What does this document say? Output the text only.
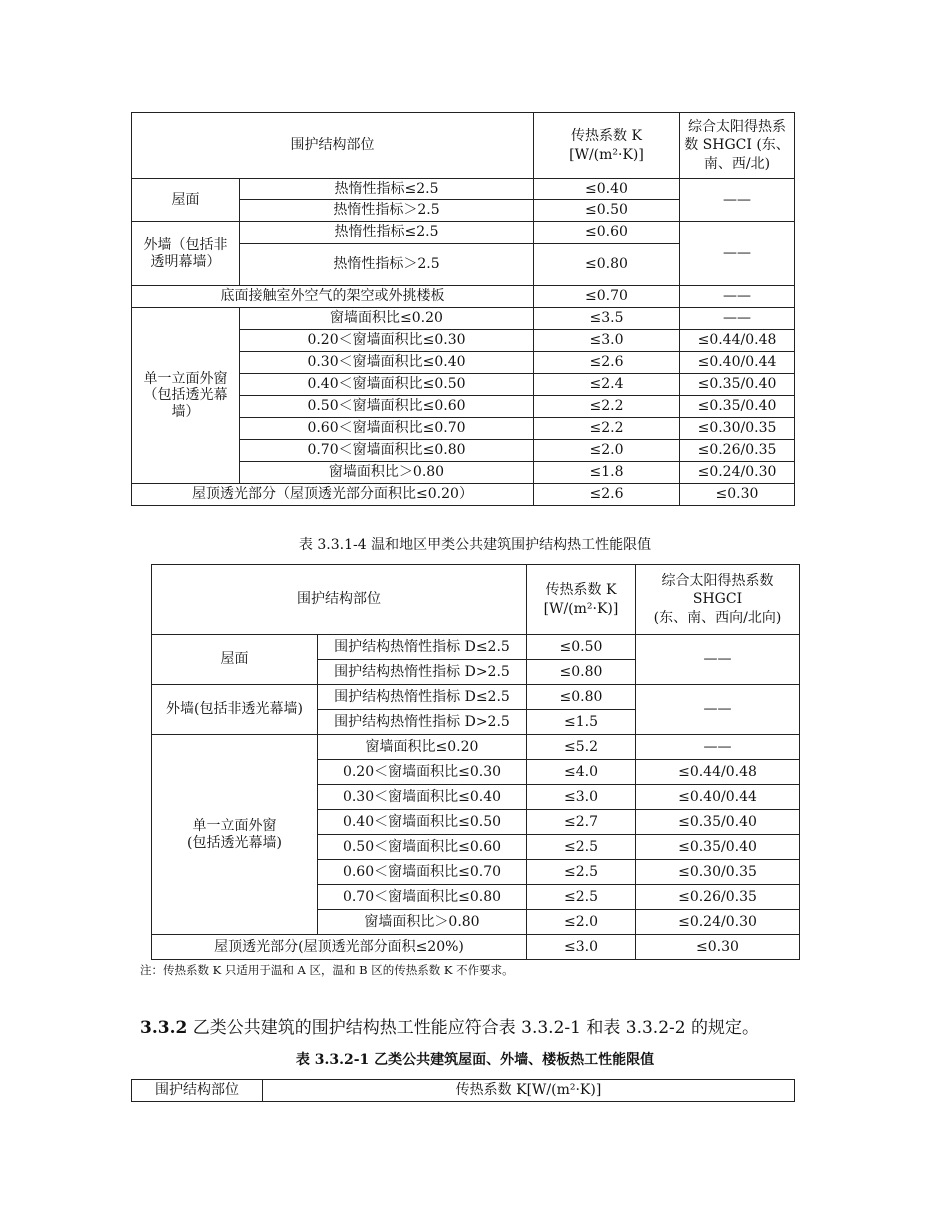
围护结构部位		传热系数 K
[W/(m²·K)]	综合太阳得热系
数 SHGCI (东、
南、西/北)
屋面	热惰性指标≤2.5	≤0.40	——
	热惰性指标＞2.5	≤0.50	
外墙（包括非透明幕墙）	热惰性指标≤2.5	≤0.60	——
	热惰性指标＞2.5	≤0.80	
底面接触室外空气的架空或外挑楼板		≤0.70	——
单一立面外窗（包括透光幕墙）	窗墙面积比≤0.20	≤3.5	——
	0.20＜窗墙面积比≤0.30	≤3.0	≤0.44/0.48
	0.30＜窗墙面积比≤0.40	≤2.6	≤0.40/0.44
	0.40＜窗墙面积比≤0.50	≤2.4	≤0.35/0.40
	0.50＜窗墙面积比≤0.60	≤2.2	≤0.35/0.40
	0.60＜窗墙面积比≤0.70	≤2.2	≤0.30/0.35
	0.70＜窗墙面积比≤0.80	≤2.0	≤0.26/0.35
	窗墙面积比＞0.80	≤1.8	≤0.24/0.30
屋顶透光部分（屋顶透光部分面积比≤0.20）		≤2.6	≤0.30
表 3.3.1-4 温和地区甲类公共建筑围护结构热工性能限值
围护结构部位		传热系数 K
[W/(m²·K)]	综合太阳得热系数
SHGCI
(东、南、西向/北向)
屋面	围护结构热惰性指标 D≤2.5	≤0.50	——
	围护结构热惰性指标 D>2.5	≤0.80	
外墙(包括非透光幕墙)	围护结构热惰性指标 D≤2.5	≤0.80	——
	围护结构热惰性指标 D>2.5	≤1.5	
单一立面外窗
(包括透光幕墙)	窗墙面积比≤0.20	≤5.2	——
	0.20＜窗墙面积比≤0.30	≤4.0	≤0.44/0.48
	0.30＜窗墙面积比≤0.40	≤3.0	≤0.40/0.44
	0.40＜窗墙面积比≤0.50	≤2.7	≤0.35/0.40
	0.50＜窗墙面积比≤0.60	≤2.5	≤0.35/0.40
	0.60＜窗墙面积比≤0.70	≤2.5	≤0.30/0.35
	0.70＜窗墙面积比≤0.80	≤2.5	≤0.26/0.35
	窗墙面积比＞0.80	≤2.0	≤0.24/0.30
屋顶透光部分(屋顶透光部分面积≤20%)		≤3.0	≤0.30
注：传热系数 K 只适用于温和 A 区，温和 B 区的传热系数 K 不作要求。
3.3.2 乙类公共建筑的围护结构热工性能应符合表 3.3.2-1 和表 3.3.2-2 的规定。
表 3.3.2-1 乙类公共建筑屋面、外墙、楼板热工性能限值
围护结构部位	传热系数 K[W/(m²·K)]
